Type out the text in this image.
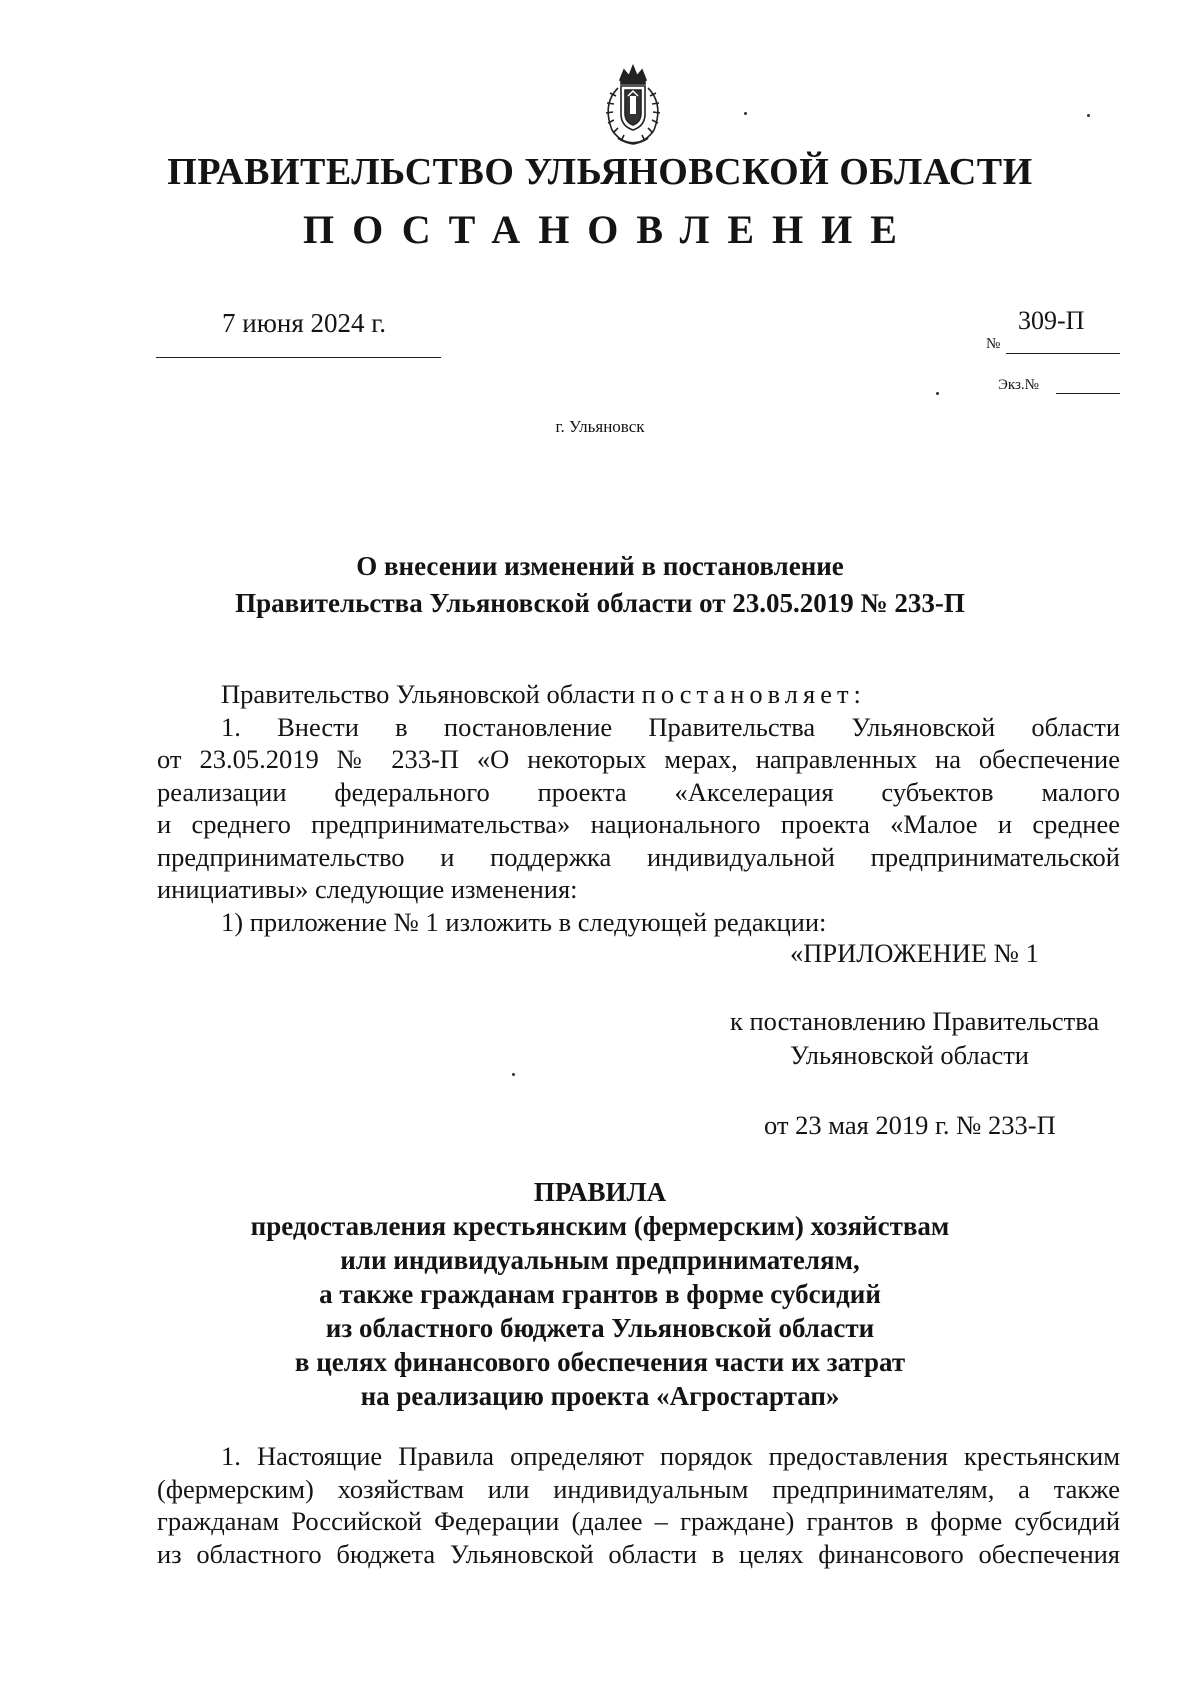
ПРАВИТЕЛЬСТВО УЛЬЯНОВСКОЙ ОБЛАСТИ
ПОСТАНОВЛЕНИЕ
7 июня 2024 г.	309-П
№
Экз.№
г. Ульяновск
О внесении изменений в постановление
Правительства Ульяновской области от 23.05.2019 № 233-П
Правительство Ульяновской области постановляет:
1. Внести в постановление Правительства Ульяновской области
от 23.05.2019 № 233-П «О некоторых мерах, направленных на обеспечение
реализации федерального проекта «Акселерация субъектов малого
и среднего предпринимательства» национального проекта «Малое и среднее
предпринимательство и поддержка индивидуальной предпринимательской
инициативы» следующие изменения:
1) приложение № 1 изложить в следующей редакции:
«ПРИЛОЖЕНИЕ № 1
к постановлению Правительства
Ульяновской области
от 23 мая 2019 г. № 233-П
ПРАВИЛА
предоставления крестьянским (фермерским) хозяйствам
или индивидуальным предпринимателям,
а также гражданам грантов в форме субсидий
из областного бюджета Ульяновской области
в целях финансового обеспечения части их затрат
на реализацию проекта «Агростартап»
1. Настоящие Правила определяют порядок предоставления крестьянским
(фермерским) хозяйствам или индивидуальным предпринимателям, а также
гражданам Российской Федерации (далее – граждане) грантов в форме субсидий
из областного бюджета Ульяновской области в целях финансового обеспечения
